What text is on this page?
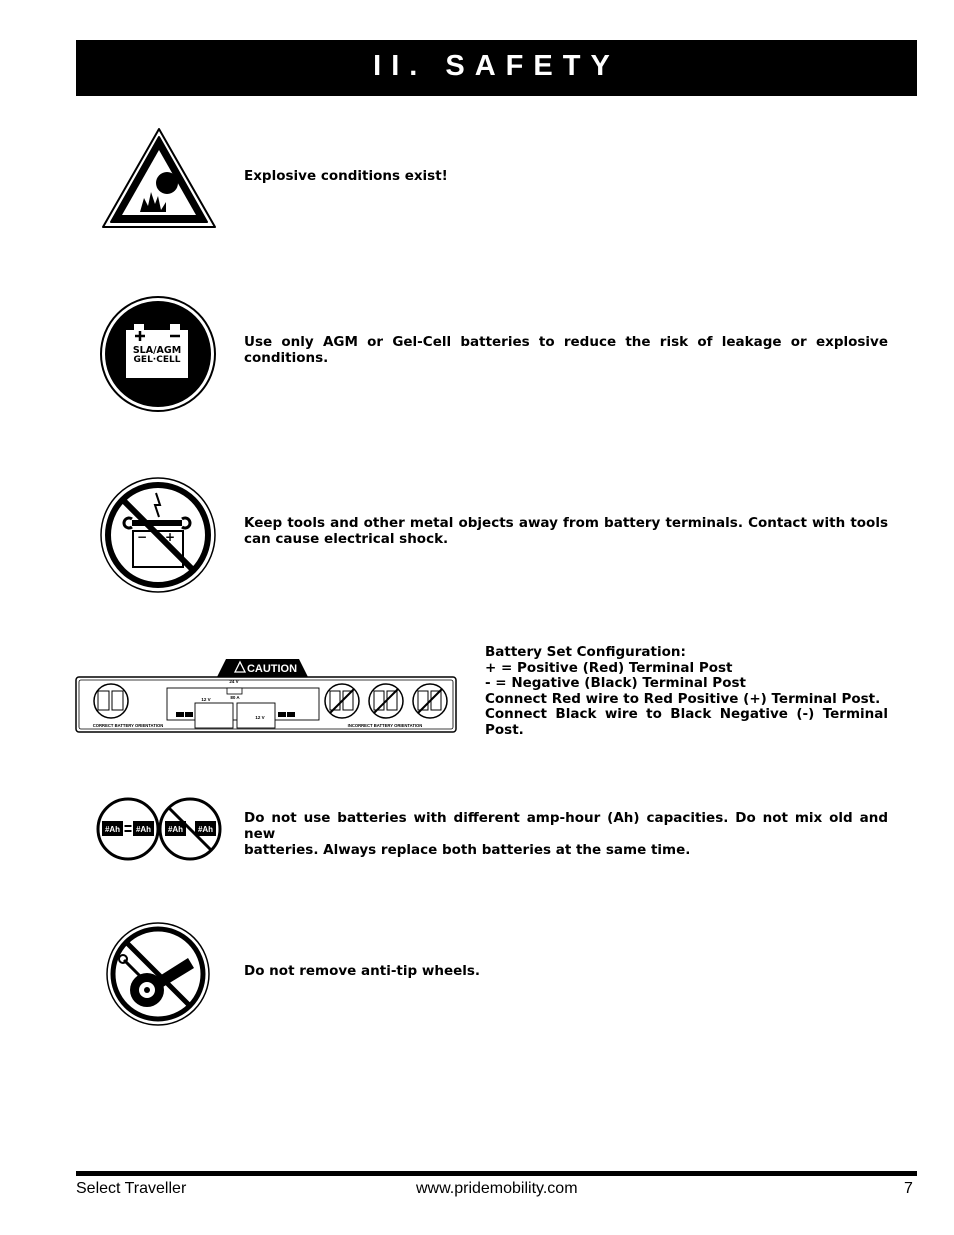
II. SAFETY
Explosive conditions exist!
SLA/AGM
GEL·CELL
Use only AGM or Gel-Cell batteries to reduce the risk of leakage or explosive
conditions.
− +
Keep tools and other metal objects away from battery terminals. Contact with tools
can cause electrical shock.
CAUTION
CORRECT BATTERY ORIENTATION
24 V
80 A
12 V
12 V
INCORRECT BATTERY ORIENTATION
Battery Set Configuration:
+ = Positive (Red) Terminal Post
- = Negative (Black) Terminal Post
Connect Red wire to Red Positive (+) Terminal Post.
Connect Black wire to Black Negative (-) Terminal
Post.
#Ah #Ah #Ah #Ah
Do not use batteries with different amp-hour (Ah) capacities. Do not mix old and new
batteries. Always replace both batteries at the same time.
Do not remove anti-tip wheels.
Select Traveller	www.pridemobility.com	7
